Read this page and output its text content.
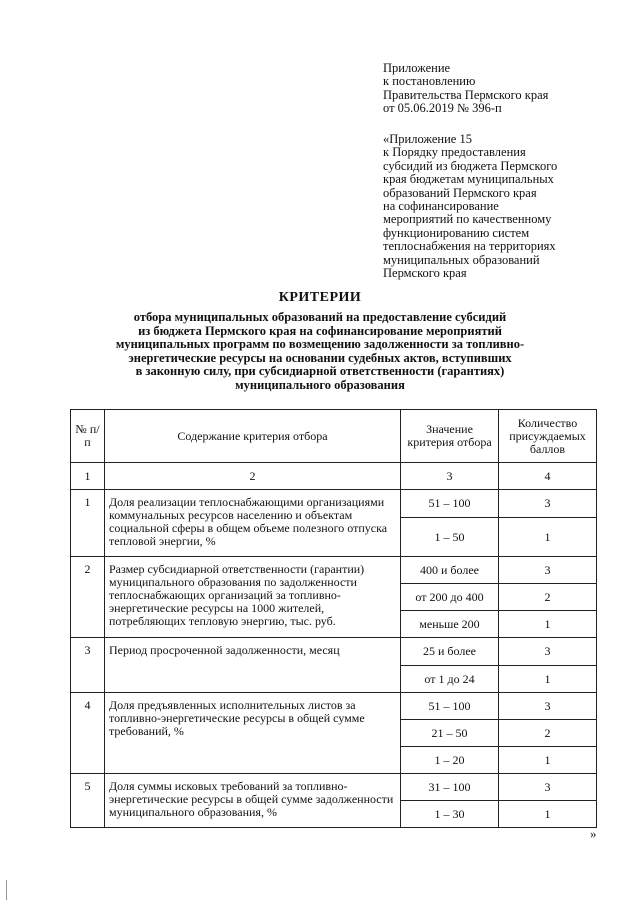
Приложение
к постановлению
Правительства Пермского края
от 05.06.2019 № 396-п
«Приложение 15
к Порядку предоставления
субсидий из бюджета Пермского
края бюджетам муниципальных
образований Пермского края
на софинансирование
мероприятий по качественному
функционированию систем
теплоснабжения на территориях
муниципальных образований
Пермского края
КРИТЕРИИ
отбора муниципальных образований на предоставление субсидий
из бюджета Пермского края на софинансирование мероприятий
муниципальных программ по возмещению задолженности за топливно-
энергетические ресурсы на основании судебных актов, вступивших
в законную силу, при субсидиарной ответственности (гарантиях)
муниципального образования
№ п/п	Содержание критерия отбора	Значение критерия отбора	Количество присуждаемых баллов
1	2	3	4
1	Доля реализации теплоснабжающими организациями коммунальных ресурсов населению и объектам социальной сферы в общем объеме полезного отпуска тепловой энергии, %	51 – 100	3
		1 – 50	1
2	Размер субсидиарной ответственности (гарантии) муниципального образования по задолженности теплоснабжающих организаций за топливно-энергетические ресурсы на 1000 жителей, потребляющих тепловую энергию, тыс. руб.	400 и более	3
		от 200 до 400	2
		меньше 200	1
3	Период просроченной задолженности, месяц	25 и более	3
		от 1 до 24	1
4	Доля предъявленных исполнительных листов за топливно-энергетические ресурсы в общей сумме требований, %	51 – 100	3
		21 – 50	2
		1 – 20	1
5	Доля суммы исковых требований за топливно-энергетические ресурсы в общей сумме задолженности муниципального образования, %	31 – 100	3
		1 – 30	1
»
